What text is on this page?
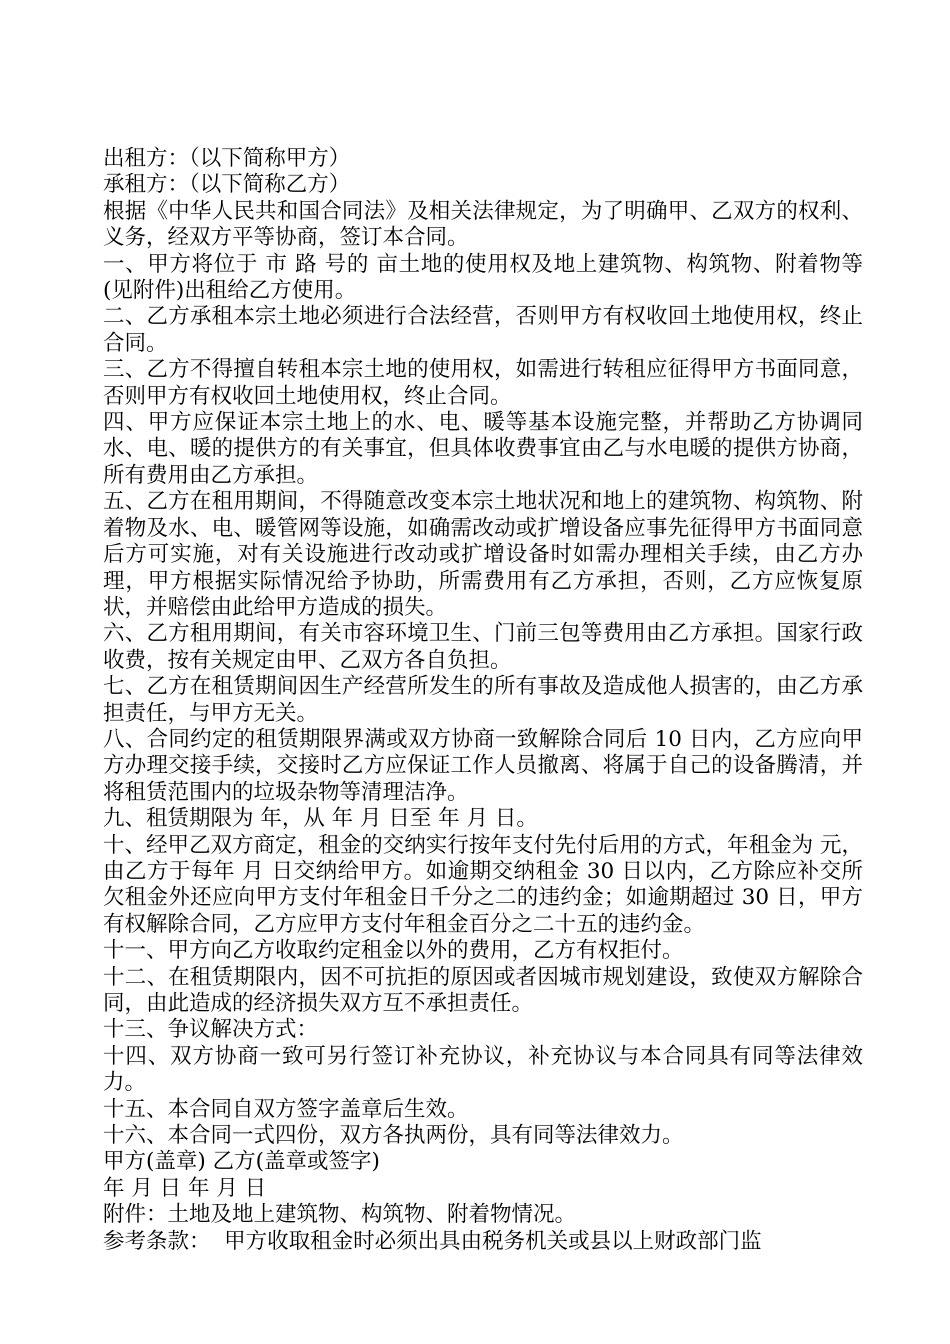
出租方：（以下简称甲方）

承租方：（以下简称乙方）

根据《中华人民共和国合同法》及相关法律规定，为了明确甲、乙双方的权利、义务，经双方平等协商，签订本合同。

一、甲方将位于 市 路 号的 亩土地的使用权及地上建筑物、构筑物、附着物等(见附件)出租给乙方使用。

二、乙方承租本宗土地必须进行合法经营，否则甲方有权收回土地使用权，终止合同。

三、乙方不得擅自转租本宗土地的使用权，如需进行转租应征得甲方书面同意，否则甲方有权收回土地使用权，终止合同。

四、甲方应保证本宗土地上的水、电、暖等基本设施完整，并帮助乙方协调同水、电、暖的提供方的有关事宜，但具体收费事宜由乙与水电暖的提供方协商，所有费用由乙方承担。

五、乙方在租用期间，不得随意改变本宗土地状况和地上的建筑物、构筑物、附着物及水、电、暖管网等设施，如确需改动或扩增设备应事先征得甲方书面同意后方可实施，对有关设施进行改动或扩增设备时如需办理相关手续，由乙方办理，甲方根据实际情况给予协助，所需费用有乙方承担，否则，乙方应恢复原状，并赔偿由此给甲方造成的损失。

六、乙方租用期间，有关市容环境卫生、门前三包等费用由乙方承担。国家行政收费，按有关规定由甲、乙双方各自负担。

七、乙方在租赁期间因生产经营所发生的所有事故及造成他人损害的，由乙方承担责任，与甲方无关。

八、合同约定的租赁期限界满或双方协商一致解除合同后 10 日内，乙方应向甲方办理交接手续，交接时乙方应保证工作人员撤离、将属于自己的设备腾清，并将租赁范围内的垃圾杂物等清理洁净。

九、租赁期限为 年，从 年 月 日至 年 月 日。

十、经甲乙双方商定，租金的交纳实行按年支付先付后用的方式，年租金为 元，由乙方于每年 月 日交纳给甲方。如逾期交纳租金 30 日以内，乙方除应补交所欠租金外还应向甲方支付年租金日千分之二的违约金；如逾期超过 30 日，甲方有权解除合同，乙方应甲方支付年租金百分之二十五的违约金。

十一、甲方向乙方收取约定租金以外的费用，乙方有权拒付。

十二、在租赁期限内，因不可抗拒的原因或者因城市规划建设，致使双方解除合同，由此造成的经济损失双方互不承担责任。

十三、争议解决方式：

十四、双方协商一致可另行签订补充协议，补充协议与本合同具有同等法律效力。

十五、本合同自双方签字盖章后生效。

十六、本合同一式四份，双方各执两份，具有同等法律效力。

甲方(盖章) 乙方(盖章或签字)

年 月 日 年 月 日

附件：土地及地上建筑物、构筑物、附着物情况。

参考条款：  甲方收取租金时必须出具由税务机关或县以上财政部门监
